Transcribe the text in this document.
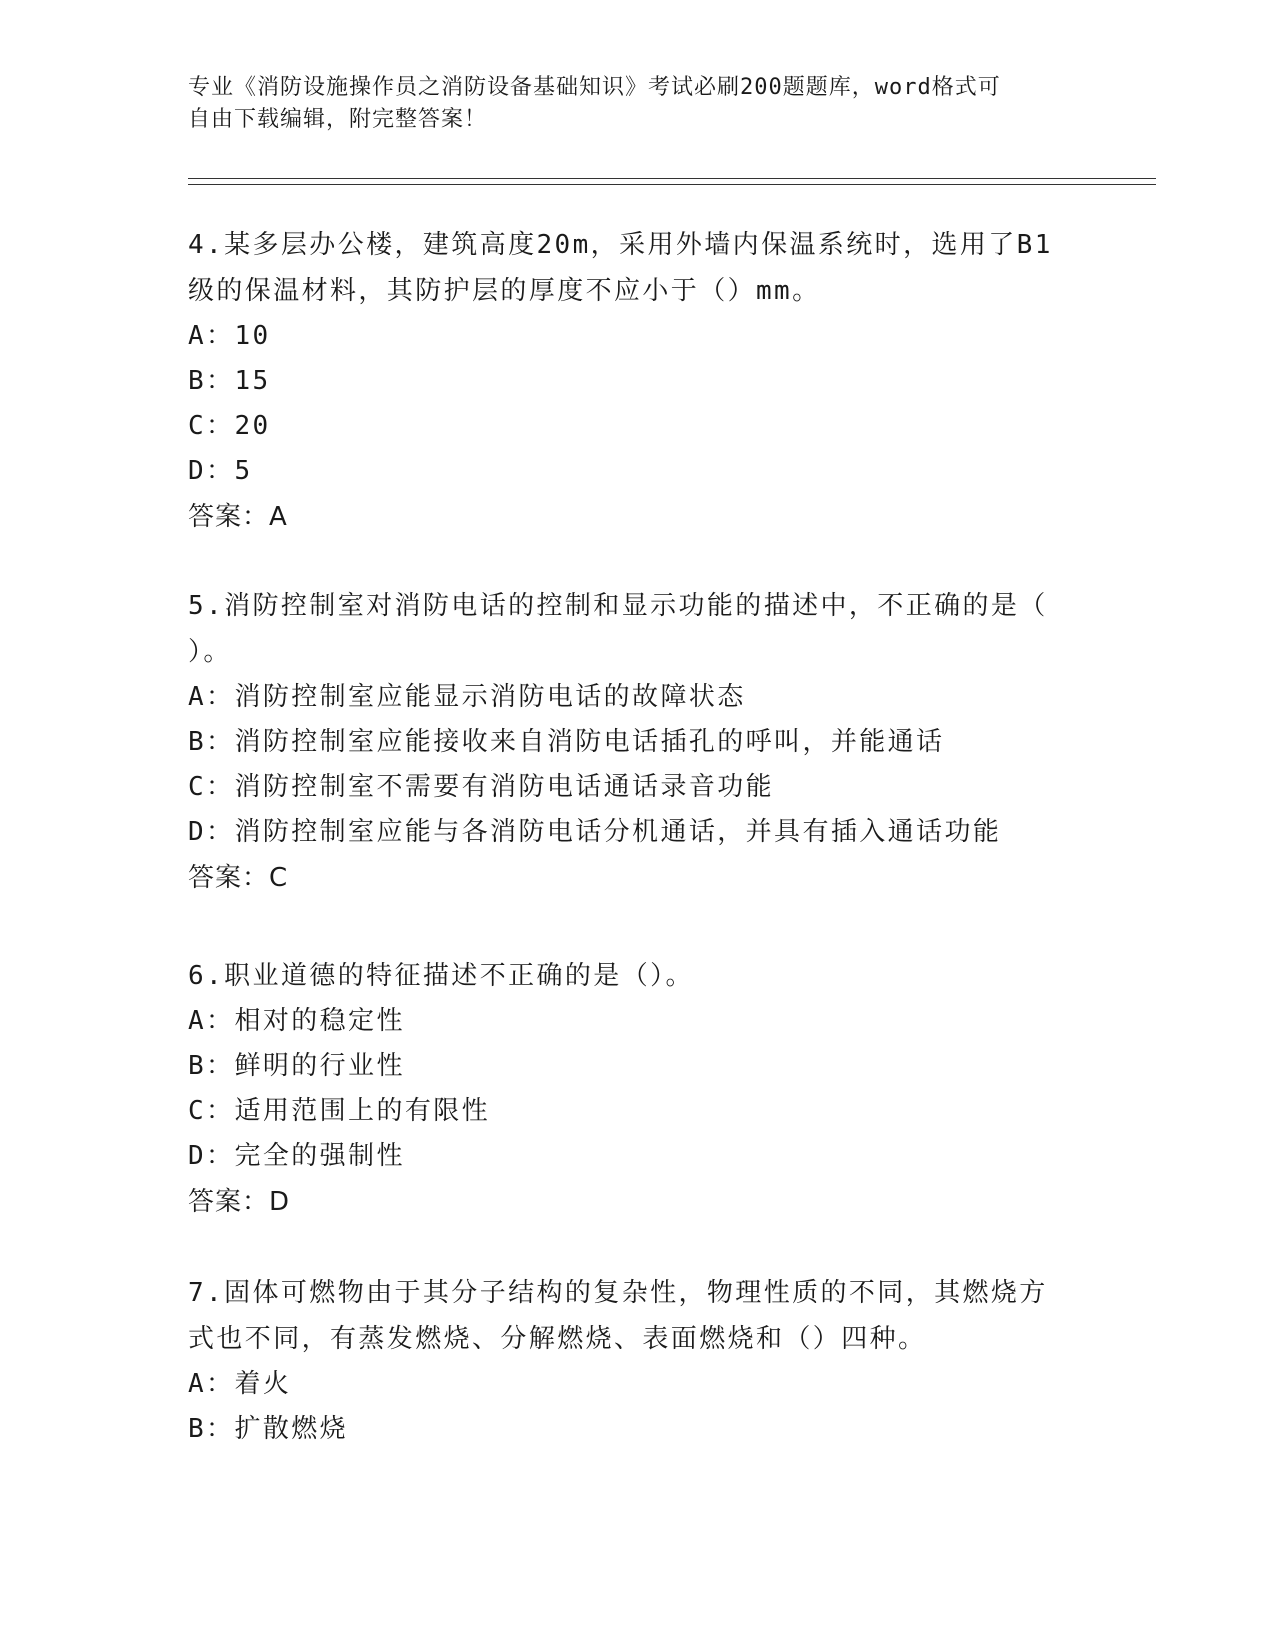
专业《消防设施操作员之消防设备基础知识》考试必刷200题题库，word格式可
自由下载编辑，附完整答案！
4.某多层办公楼，建筑高度20m，采用外墙内保温系统时，选用了B1
级的保温材料，其防护层的厚度不应小于（）mm。
A：10
B：15
C：20
D：5
答案：A
5.消防控制室对消防电话的控制和显示功能的描述中，不正确的是（
）。
A：消防控制室应能显示消防电话的故障状态
B：消防控制室应能接收来自消防电话插孔的呼叫，并能通话
C：消防控制室不需要有消防电话通话录音功能
D：消防控制室应能与各消防电话分机通话，并具有插入通话功能
答案：C
6.职业道德的特征描述不正确的是（）。
A：相对的稳定性
B：鲜明的行业性
C：适用范围上的有限性
D：完全的强制性
答案：D
7.固体可燃物由于其分子结构的复杂性，物理性质的不同，其燃烧方
式也不同，有蒸发燃烧、分解燃烧、表面燃烧和（）四种。
A：着火
B：扩散燃烧
